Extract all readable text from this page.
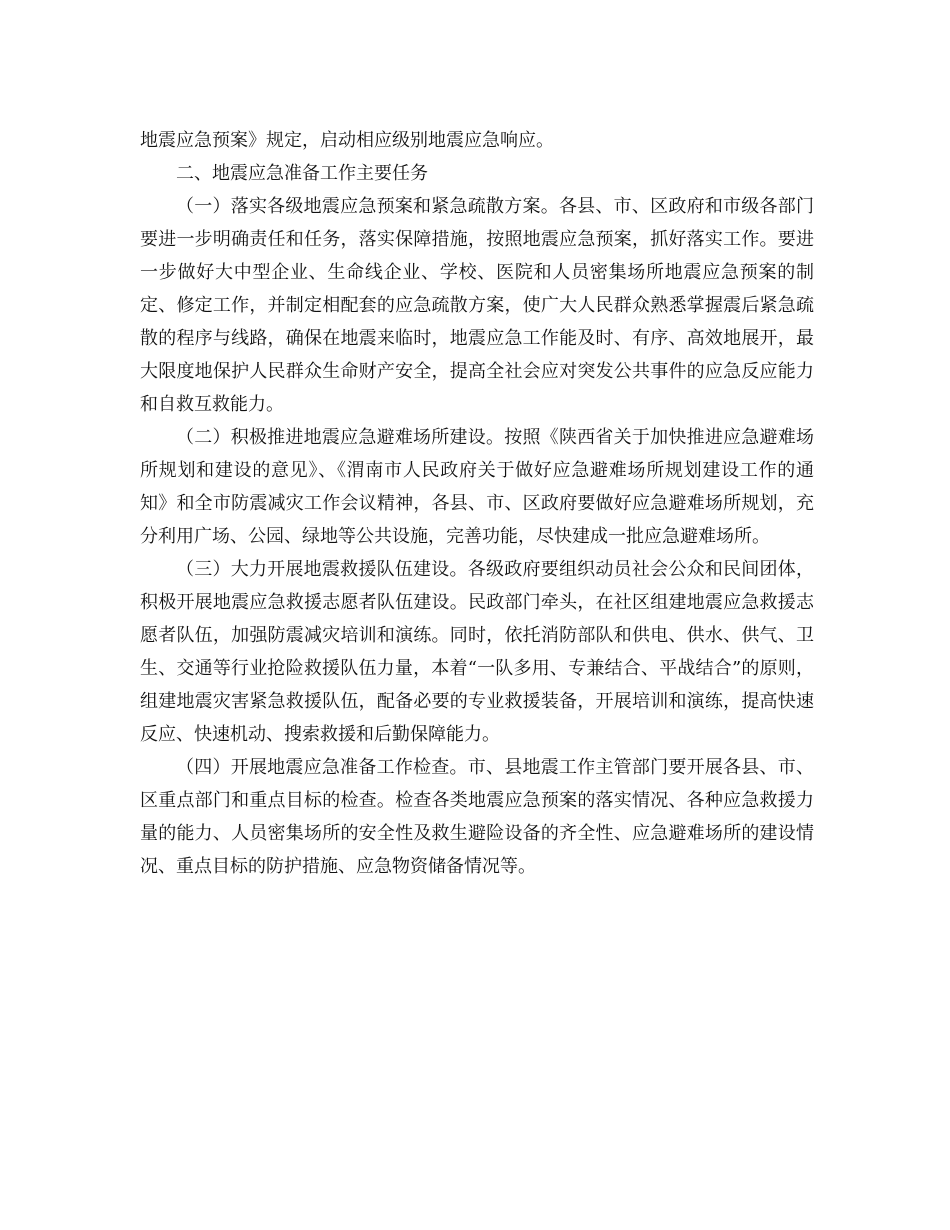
地震应急预案》规定，启动相应级别地震应急响应。

二、地震应急准备工作主要任务

（一）落实各级地震应急预案和紧急疏散方案。各县、市、区政府和市级各部门要进一步明确责任和任务，落实保障措施，按照地震应急预案，抓好落实工作。要进一步做好大中型企业、生命线企业、学校、医院和人员密集场所地震应急预案的制定、修定工作，并制定相配套的应急疏散方案，使广大人民群众熟悉掌握震后紧急疏散的程序与线路，确保在地震来临时，地震应急工作能及时、有序、高效地展开，最大限度地保护人民群众生命财产安全，提高全社会应对突发公共事件的应急反应能力和自救互救能力。

（二）积极推进地震应急避难场所建设。按照《陕西省关于加快推进应急避难场所规划和建设的意见》、《渭南市人民政府关于做好应急避难场所规划建设工作的通知》和全市防震减灾工作会议精神，各县、市、区政府要做好应急避难场所规划，充分利用广场、公园、绿地等公共设施，完善功能，尽快建成一批应急避难场所。

（三）大力开展地震救援队伍建设。各级政府要组织动员社会公众和民间团体，积极开展地震应急救援志愿者队伍建设。民政部门牵头，在社区组建地震应急救援志愿者队伍，加强防震减灾培训和演练。同时，依托消防部队和供电、供水、供气、卫生、交通等行业抢险救援队伍力量，本着“一队多用、专兼结合、平战结合”的原则，组建地震灾害紧急救援队伍，配备必要的专业救援装备，开展培训和演练，提高快速反应、快速机动、搜索救援和后勤保障能力。

（四）开展地震应急准备工作检查。市、县地震工作主管部门要开展各县、市、区重点部门和重点目标的检查。检查各类地震应急预案的落实情况、各种应急救援力量的能力、人员密集场所的安全性及救生避险设备的齐全性、应急避难场所的建设情况、重点目标的防护措施、应急物资储备情况等。
